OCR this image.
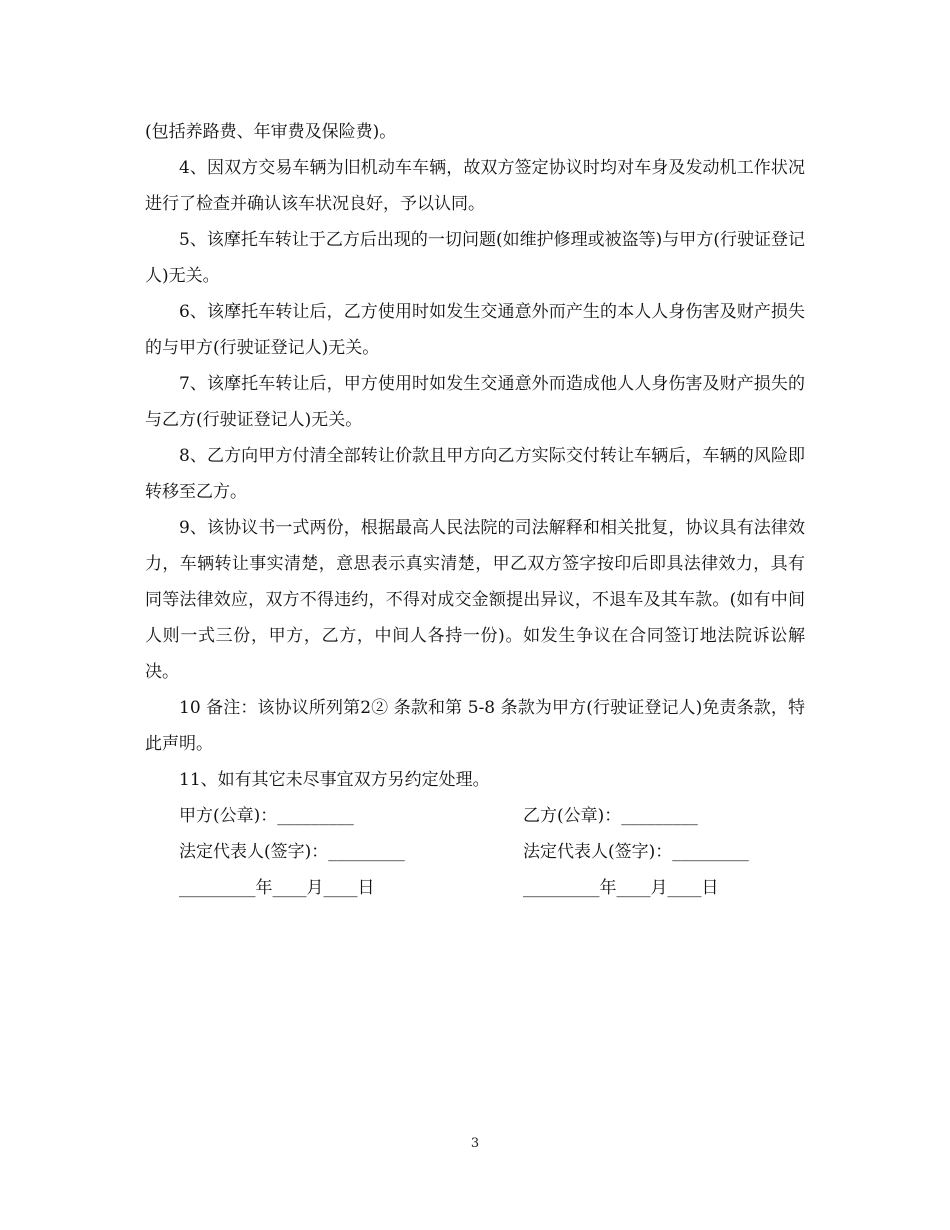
(包括养路费、年审费及保险费)。

4、因双方交易车辆为旧机动车车辆，故双方签定协议时均对车身及发动机工作状况进行了检查并确认该车状况良好，予以认同。

5、该摩托车转让于乙方后出现的一切问题(如维护修理或被盗等)与甲方(行驶证登记人)无关。

6、该摩托车转让后，乙方使用时如发生交通意外而产生的本人人身伤害及财产损失的与甲方(行驶证登记人)无关。

7、该摩托车转让后，甲方使用时如发生交通意外而造成他人人身伤害及财产损失的与乙方(行驶证登记人)无关。

8、乙方向甲方付清全部转让价款且甲方向乙方实际交付转让车辆后，车辆的风险即转移至乙方。

9、该协议书一式两份，根据最高人民法院的司法解释和相关批复，协议具有法律效力，车辆转让事实清楚，意思表示真实清楚，甲乙双方签字按印后即具法律效力，具有同等法律效应，双方不得违约，不得对成交金额提出异议，不退车及其车款。(如有中间人则一式三份，甲方，乙方，中间人各持一份)。如发生争议在合同签订地法院诉讼解决。

10 备注：该协议所列第2② 条款和第 5-8 条款为甲方(行驶证登记人)免责条款，特此声明。

11、如有其它未尽事宜双方另约定处理。

甲方(公章)：_________	乙方(公章)：_________
法定代表人(签字)：_________	法定代表人(签字)：_________
_________年____月____日	_________年____月____日
3
